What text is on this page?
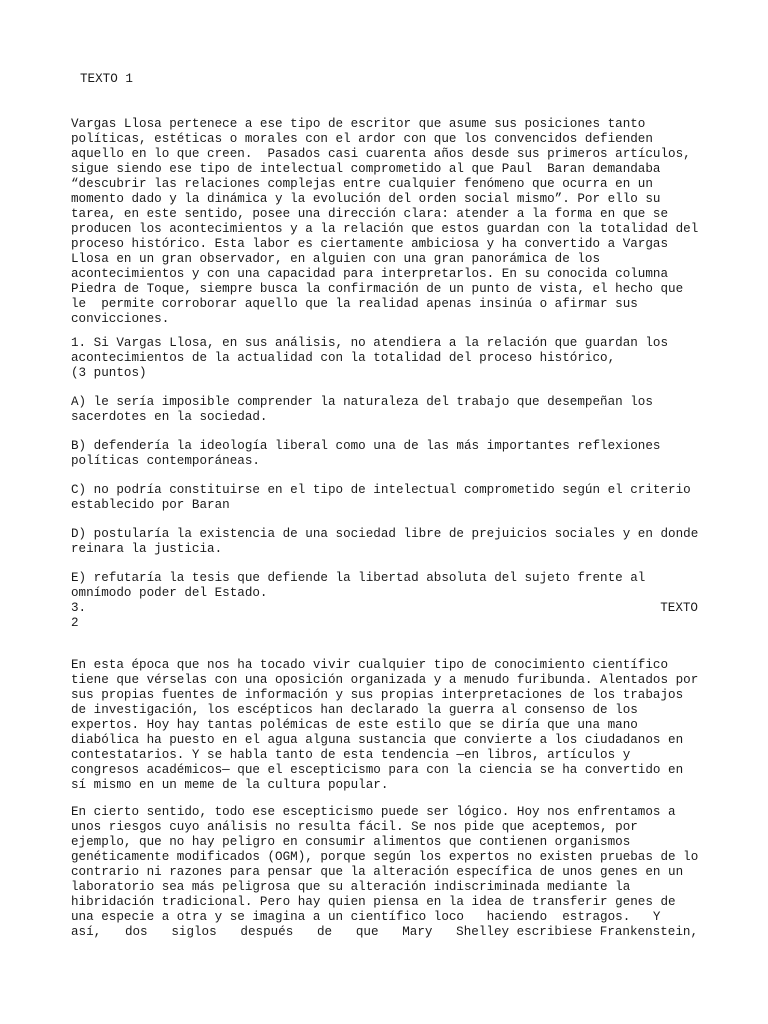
TEXTO 1
Vargas Llosa pertenece a ese tipo de escritor que asume sus posiciones tanto
políticas, estéticas o morales con el ardor con que los convencidos defienden
aquello en lo que creen.  Pasados casi cuarenta años desde sus primeros artículos,
sigue siendo ese tipo de intelectual comprometido al que Paul  Baran demandaba
“descubrir las relaciones complejas entre cualquier fenómeno que ocurra en un
momento dado y la dinámica y la evolución del orden social mismo”. Por ello su
tarea, en este sentido, posee una dirección clara: atender a la forma en que se
producen los acontecimientos y a la relación que estos guardan con la totalidad del
proceso histórico. Esta labor es ciertamente ambiciosa y ha convertido a Vargas
Llosa en un gran observador, en alguien con una gran panorámica de los
acontecimientos y con una capacidad para interpretarlos. En su conocida columna
Piedra de Toque, siempre busca la confirmación de un punto de vista, el hecho que
le  permite corroborar aquello que la realidad apenas insinúa o afirmar sus
convicciones.
1. Si Vargas Llosa, en sus análisis, no atendiera a la relación que guardan los
acontecimientos de la actualidad con la totalidad del proceso histórico,
(3 puntos)
A) le sería imposible comprender la naturaleza del trabajo que desempeñan los
sacerdotes en la sociedad.
B) defendería la ideología liberal como una de las más importantes reflexiones
políticas contemporáneas.
C) no podría constituirse en el tipo de intelectual comprometido según el criterio
establecido por Baran
D) postularía la existencia de una sociedad libre de prejuicios sociales y en donde
reinara la justicia.
E) refutaría la tesis que defiende la libertad absoluta del sujeto frente al
omnímodo poder del Estado.
3.	TEXTO
2
En esta época que nos ha tocado vivir cualquier tipo de conocimiento científico
tiene que vérselas con una oposición organizada y a menudo furibunda. Alentados por
sus propias fuentes de información y sus propias interpretaciones de los trabajos
de investigación, los escépticos han declarado la guerra al consenso de los
expertos. Hoy hay tantas polémicas de este estilo que se diría que una mano
diabólica ha puesto en el agua alguna sustancia que convierte a los ciudadanos en
contestatarios. Y se habla tanto de esta tendencia —en libros, artículos y
congresos académicos— que el escepticismo para con la ciencia se ha convertido en
sí mismo en un meme de la cultura popular.
En cierto sentido, todo ese escepticismo puede ser lógico. Hoy nos enfrentamos a
unos riesgos cuyo análisis no resulta fácil. Se nos pide que aceptemos, por
ejemplo, que no hay peligro en consumir alimentos que contienen organismos
genéticamente modificados (OGM), porque según los expertos no existen pruebas de lo
contrario ni razones para pensar que la alteración específica de unos genes en un
laboratorio sea más peligrosa que su alteración indiscriminada mediante la
hibridación tradicional. Pero hay quien piensa en la idea de transferir genes de
una especie a otra y se imagina a un científico loco   haciendo  estragos.   Y
así, dos siglos después de que Mary Shelley escribiese Frankenstein,
